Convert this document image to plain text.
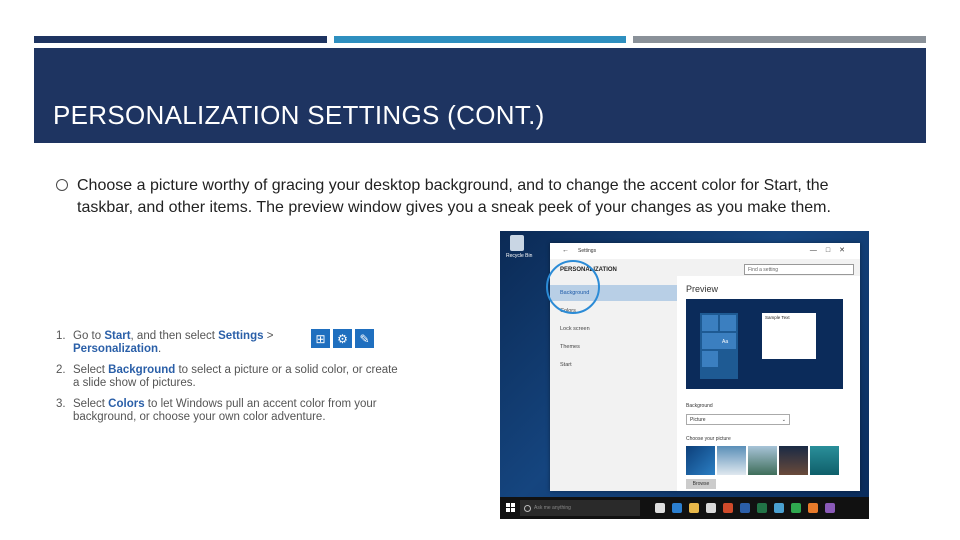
PERSONALIZATION SETTINGS (CONT.)
Choose a picture worthy of gracing your desktop background, and to change the accent color for Start, the taskbar, and other items. The preview window gives you a sneak peek of your changes as you make them.
1. Go to Start, and then select Settings >
Personalization.
2. Select Background to select a picture or a solid color, or create a slide show of pictures.
3. Select Colors to let Windows pull an accent color from your background, or choose your own color adventure.
⊞ ⚙ ✎
Recycle Bin
← Settings	—□✕
PERSONALIZATION
Background
Colors
Lock screen
Themes
Start
Find a setting
Preview
Aa
Sample Text
Background
Picture	⌄
Choose your picture
Browse
Ask me anything
